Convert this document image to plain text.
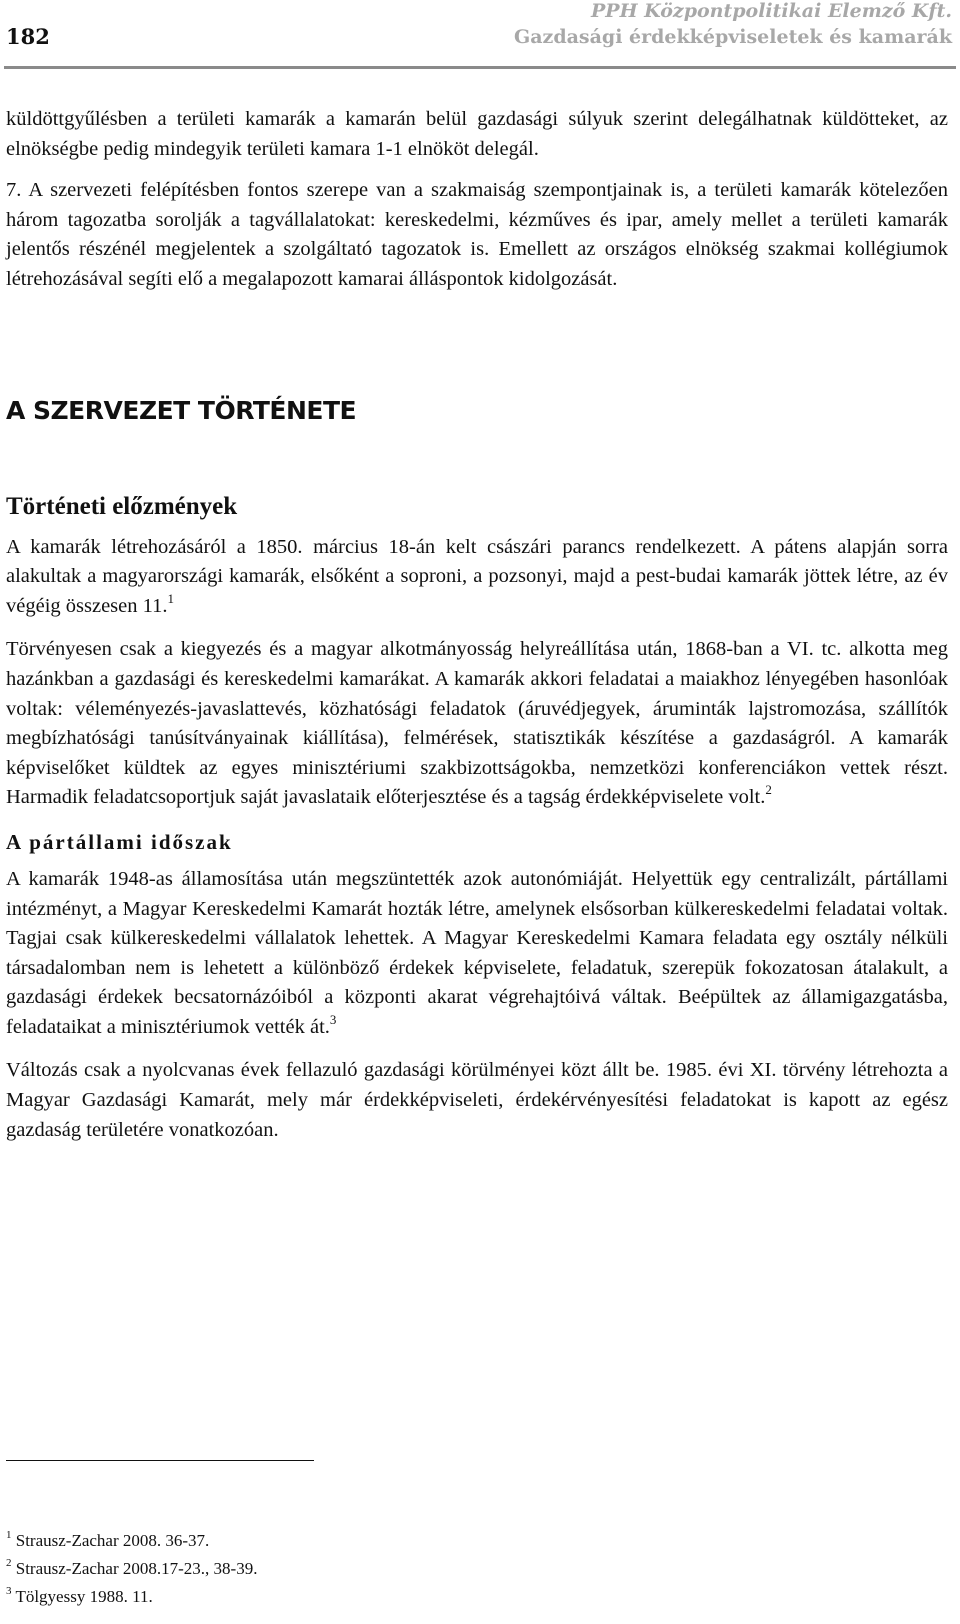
182
PPH Központpolitikai Elemző Kft.
Gazdasági érdekképviseletek és kamarák

küldöttgyűlésben a területi kamarák a kamarán belül gazdasági súlyuk szerint delegálhatnak küldötteket, az elnökségbe pedig mindegyik területi kamara 1-1 elnököt delegál.

7. A szervezeti felépítésben fontos szerepe van a szakmaiság szempontjainak is, a területi kamarák kötelezően három tagozatba sorolják a tagvállalatokat: kereskedelmi, kézműves és ipar, amely mellet a területi kamarák jelentős részénél megjelentek a szolgáltató tagozatok is. Emellett az országos elnökség szakmai kollégiumok létrehozásával segíti elő a megalapozott kamarai álláspontok kidolgozását.

A SZERVEZET TÖRTÉNETE
Történeti előzmények

A kamarák létrehozásáról a 1850. március 18-án kelt császári parancs rendelkezett. A pátens alapján sorra alakultak a magyarországi kamarák, elsőként a soproni, a pozsonyi, majd a pest-budai kamarák jöttek létre, az év végéig összesen 11.$^1$

Törvényesen csak a kiegyezés és a magyar alkotmányosság helyreállítása után, 1868-ban a VI. tc. alkotta meg hazánkban a gazdasági és kereskedelmi kamarákat. A kamarák akkori feladatai a maiakhoz lényegében hasonlóak voltak: véleményezés-javaslattevés, közhatósági feladatok (áruvédjegyek, áruminták lajstromozása, szállítók megbízhatósági tanúsítványainak kiállítása), felmérések, statisztikák készítése a gazdaságról. A kamarák képviselőket küldtek az egyes minisztériumi szakbizottságokba, nemzetközi konferenciákon vettek részt. Harmadik feladatcsoportjuk saját javaslataik előterjesztése és a tagság érdekképviselete volt.$^2$

A pártállami időszak

A kamarák 1948-as államosítása után megszüntették azok autonómiáját. Helyettük egy centralizált, pártállami intézményt, a Magyar Kereskedelmi Kamarát hozták létre, amelynek elsősorban külkereskedelmi feladatai voltak. Tagjai csak külkereskedelmi vállalatok lehettek. A Magyar Kereskedelmi Kamara feladata egy osztály nélküli társadalomban nem is lehetett a különböző érdekek képviselete, feladatuk, szerepük fokozatosan átalakult, a gazdasági érdekek becsatornázóiból a központi akarat végrehajtóivá váltak. Beépültek az államigazgatásba, feladataikat a minisztériumok vették át.$^3$

Változás csak a nyolcvanas évek fellazuló gazdasági körülményei közt állt be. 1985. évi XI. törvény létrehozta a Magyar Gazdasági Kamarát, mely már érdekképviseleti, érdekérvényesítési feladatokat is kapott az egész gazdaság területére vonatkozóan.

$^1$ Strausz-Zachar 2008. 36-37.
$^2$ Strausz-Zachar 2008.17-23., 38-39.
$^3$ Tölgyessy 1988. 11.
